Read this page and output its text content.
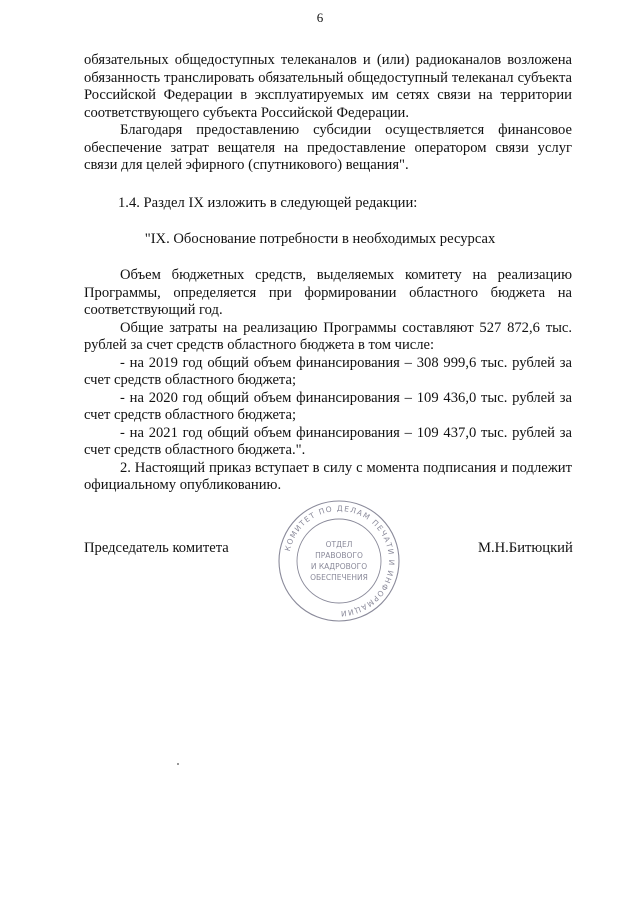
6

обязательных общедоступных телеканалов и (или) радиоканалов возложена обязанность транслировать обязательный общедоступный телеканал субъекта Российской Федерации в эксплуатируемых им сетях связи на территории соответствующего субъекта Российской Федерации.

Благодаря предоставлению субсидии осуществляется финансовое обеспечение затрат вещателя на предоставление оператором связи услуг связи для целей эфирного (спутникового) вещания".

1.4. Раздел IX изложить в следующей редакции:
"IX. Обоснование потребности в необходимых ресурсах

Объем бюджетных средств, выделяемых комитету на реализацию Программы, определяется при формировании областного бюджета на соответствующий год.

Общие затраты на реализацию Программы составляют 527 872,6 тыс. рублей за счет средств областного бюджета в том числе:

- на 2019 год общий объем финансирования – 308 999,6 тыс. рублей за счет средств областного бюджета;

- на 2020 год общий объем финансирования – 109 436,0 тыс. рублей за счет средств областного бюджета;

- на 2021 год общий объем финансирования – 109 437,0 тыс. рублей за счет средств областного бюджета.".

2. Настоящий приказ вступает в силу с момента подписания и подлежит официальному опубликованию.

Председатель комитета	М.Н.Битюцкий
КОМИТЕТ ПО ДЕЛАМ ПЕЧАТИ И ИНФОРМАЦИИ
ОТДЕЛ
ПРАВОВОГО
И КАДРОВОГО
ОБЕСПЕЧЕНИЯ
